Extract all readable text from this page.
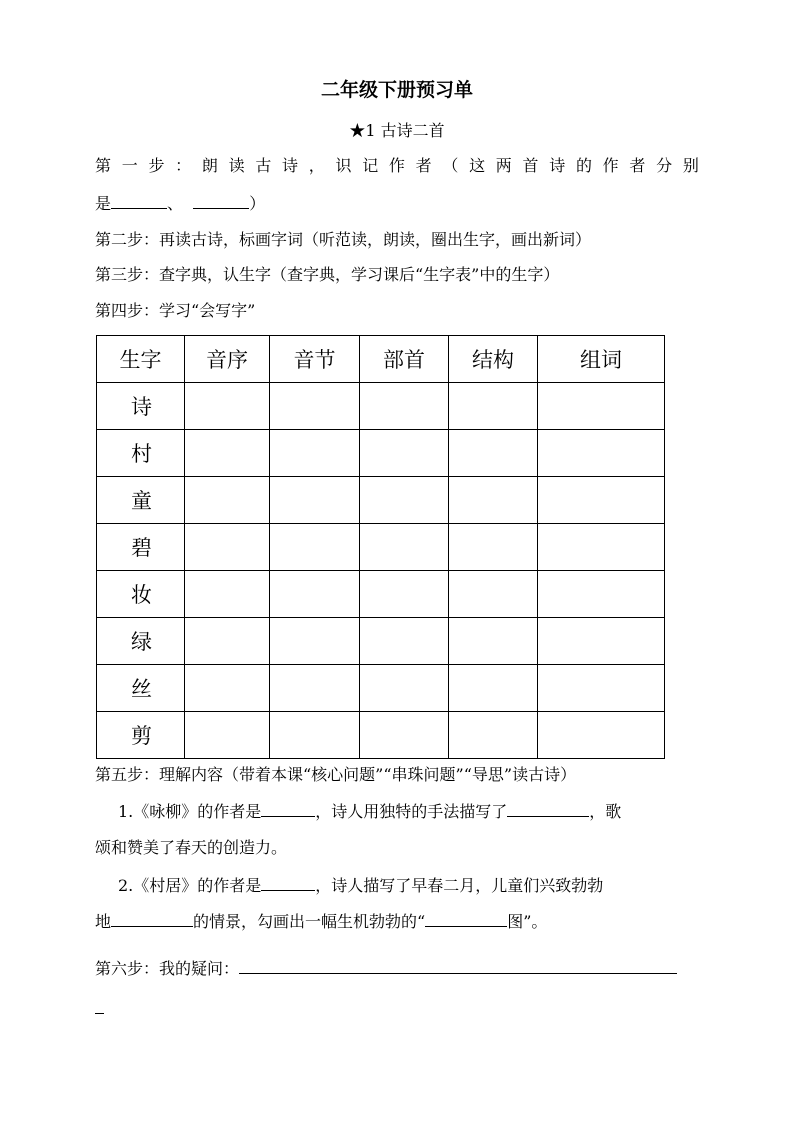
二年级下册预习单
★1 古诗二首
第 一 步 ： 朗 读 古 诗 ， 识 记 作 者 （ 这 两 首 诗 的 作 者 分 别
是	、	）
第二步：再读古诗，标画字词（听范读，朗读，圈出生字，画出新词）
第三步：查字典，认生字（查字典，学习课后“生字表”中的生字）
第四步：学习“会写字”
生字	音序	音节	部首	结构	组词
诗					
村					
童					
碧					
妆					
绿					
丝					
剪					
第五步：理解内容（带着本课“核心问题”“串珠问题”“导思”读古诗）
1.《咏柳》的作者是	，诗人用独特的手法描写了	，歌
颂和赞美了春天的创造力。
2.《村居》的作者是	，诗人描写了早春二月，儿童们兴致勃勃
地	的情景，勾画出一幅生机勃勃的“	图”。
第六步：我的疑问：
